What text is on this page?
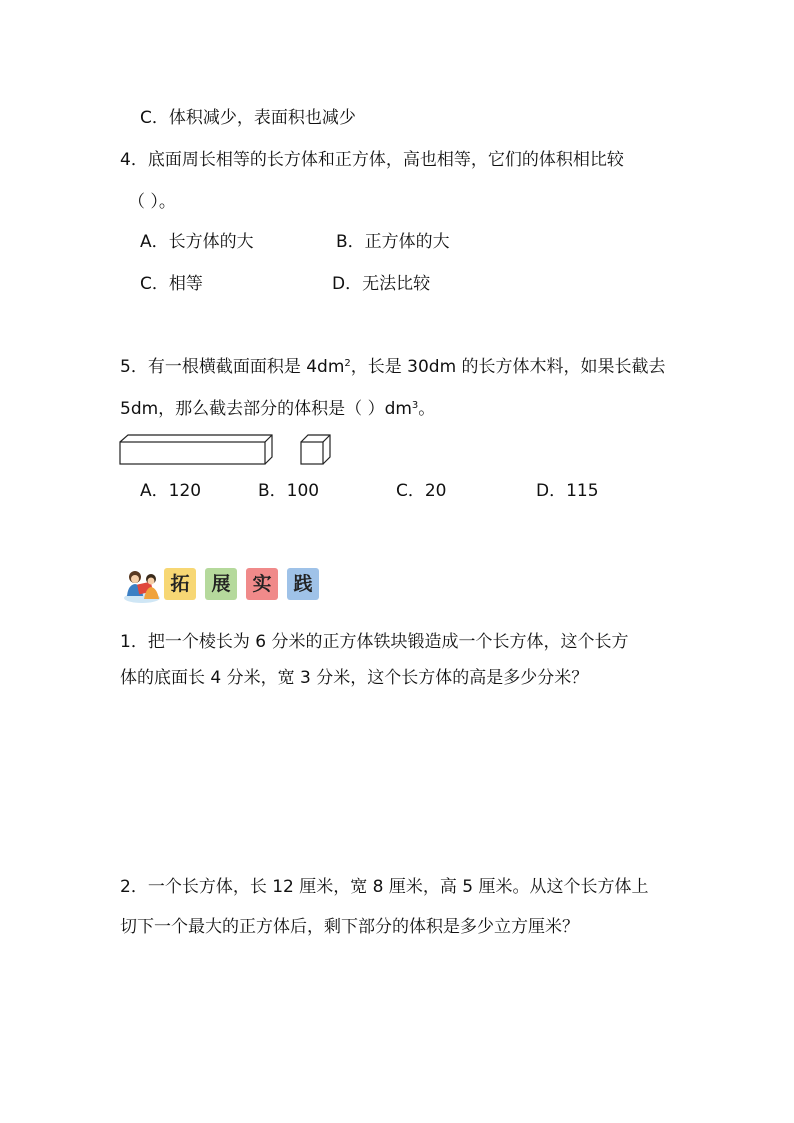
C．体积减少，表面积也减少
4．底面周长相等的长方体和正方体，高也相等，它们的体积相比较
（ ）。
A．长方体的大	B．正方体的大
C．相等	D．无法比较
5．有一根横截面面积是 $4dm^2$，长是 30dm 的长方体木料，如果长截去
5dm，那么截去部分的体积是（ ）$dm^3$。
A．120	B．100	C．20	D．115
拓	展	实	践
1．把一个棱长为 6 分米的正方体铁块锻造成一个长方体，这个长方
体的底面长 4 分米，宽 3 分米，这个长方体的高是多少分米？
2．一个长方体，长 12 厘米，宽 8 厘米，高 5 厘米。从这个长方体上
切下一个最大的正方体后，剩下部分的体积是多少立方厘米？
